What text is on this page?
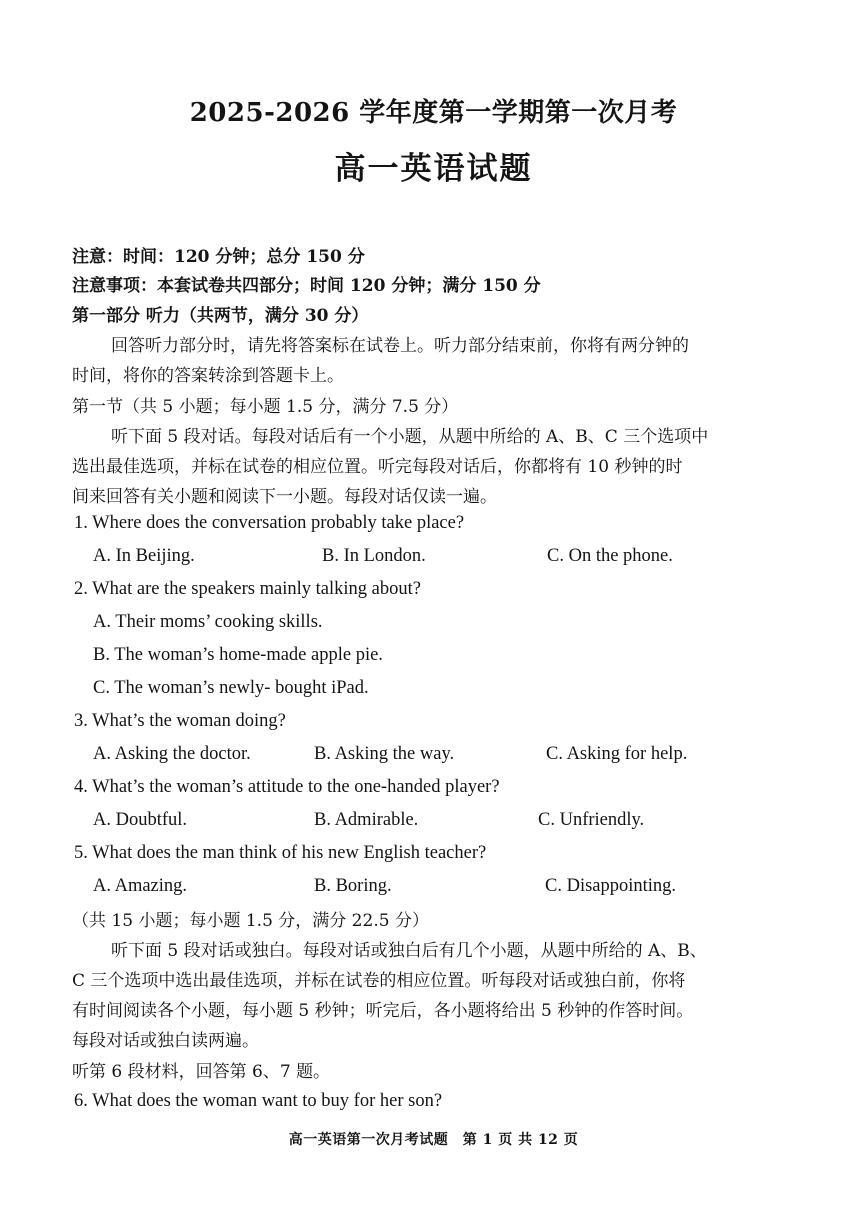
2025-2026 学年度第一学期第一次月考
高一英语试题
注意：时间：120 分钟；总分 150 分
注意事项：本套试卷共四部分；时间 120 分钟；满分 150 分
第一部分 听力（共两节，满分 30 分）
回答听力部分时，请先将答案标在试卷上。听力部分结束前，你将有两分钟的
时间，将你的答案转涂到答题卡上。
第一节（共 5 小题；每小题 1.5 分，满分 7.5 分）
听下面 5 段对话。每段对话后有一个小题，从题中所给的 A、B、C 三个选项中
选出最佳选项，并标在试卷的相应位置。听完每段对话后，你都将有 10 秒钟的时
间来回答有关小题和阅读下一小题。每段对话仅读一遍。
1. Where does the conversation probably take place?
A. In Beijing.	B. In London.	C. On the phone.
2. What are the speakers mainly talking about?
A. Their moms’ cooking skills.
B. The woman’s home-made apple pie.
C. The woman’s newly- bought iPad.
3. What’s the woman doing?
A. Asking the doctor.	B. Asking the way.	C. Asking for help.
4. What’s the woman’s attitude to the one-handed player?
A. Doubtful.	B. Admirable.	C. Unfriendly.
5. What does the man think of his new English teacher?
A. Amazing.	B. Boring.	C. Disappointing.
（共 15 小题；每小题 1.5 分，满分 22.5 分）
听下面 5 段对话或独白。每段对话或独白后有几个小题，从题中所给的 A、B、
C 三个选项中选出最佳选项，并标在试卷的相应位置。听每段对话或独白前，你将
有时间阅读各个小题，每小题 5 秒钟；听完后，各小题将给出 5 秒钟的作答时间。
每段对话或独白读两遍。
听第 6 段材料，回答第 6、7 题。
6. What does the woman want to buy for her son?
高一英语第一次月考试题　第 1 页 共 12 页
